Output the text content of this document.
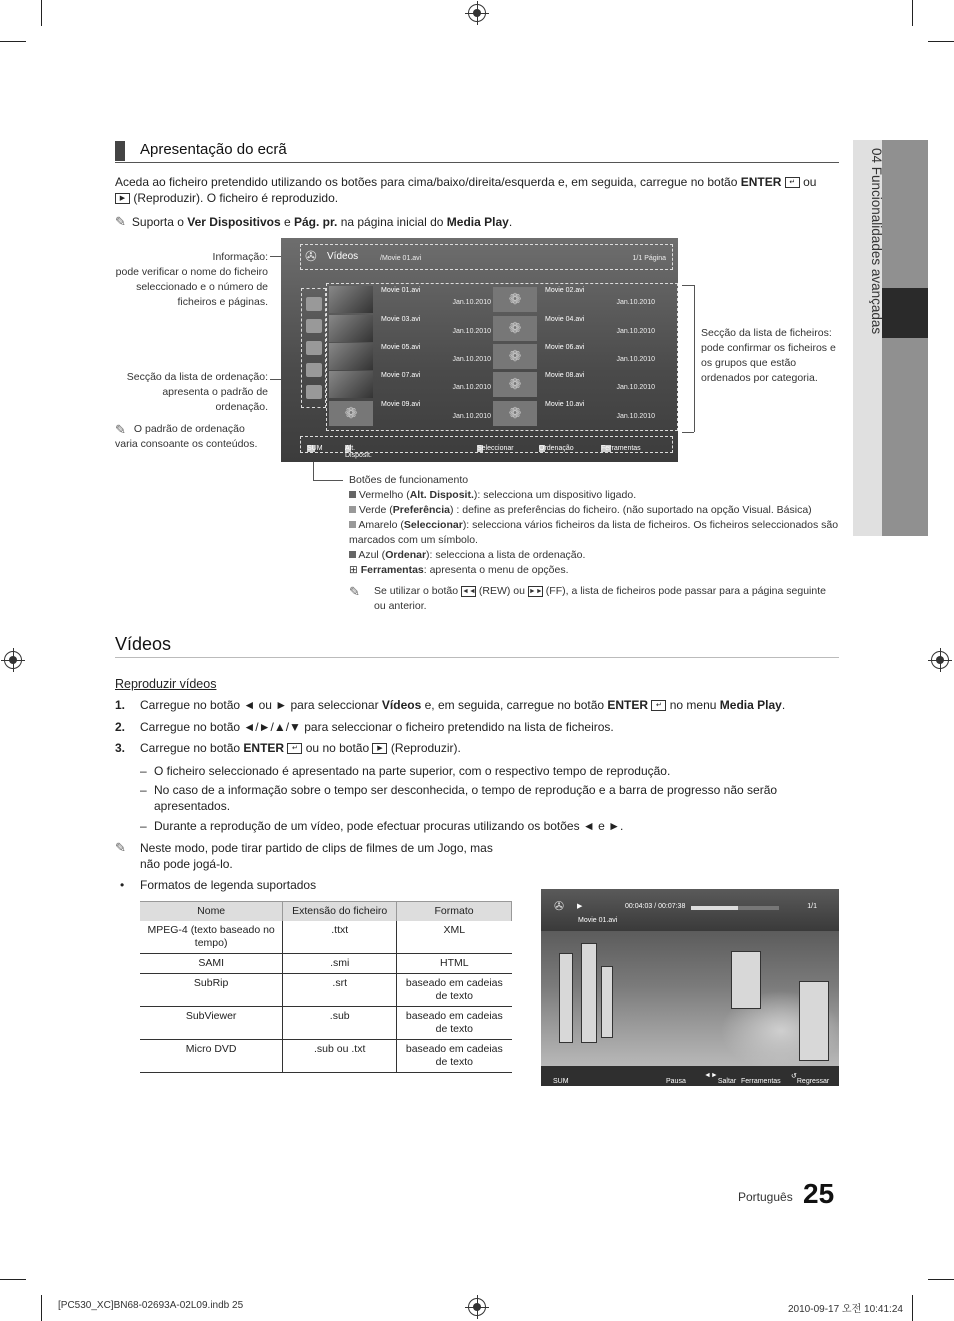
04 Funcionalidades avançadas
Apresentação do ecrã
Aceda ao ficheiro pretendido utilizando os botões para cima/baixo/direita/esquerda e, em seguida, carregue no botão ENTER ↵ ou
▶ (Reproduzir). O ficheiro é reproduzido.
✎ Suporta o Ver Dispositivos e Pág. pr. na página inicial do Media Play.
Informação:
pode verificar o nome do ficheiro seleccionado e o número de ficheiros e páginas.
Secção da lista de ordenação:
apresenta o padrão de ordenação.
✎ O padrão de ordenação varia consoante os conteúdos.
Secção da lista de ficheiros:
pode confirmar os ficheiros e os grupos que estão ordenados por categoria.
✇ Vídeos	/Movie 01.avi	1/1 Página
Movie 01.avi
Jan.10.2010	❁
Movie 02.avi
Jan.10.2010
Movie 03.avi
Jan.10.2010	❁
Movie 04.avi
Jan.10.2010
Movie 05.avi
Jan.10.2010	❁
Movie 06.avi
Jan.10.2010
Movie 07.avi
Jan.10.2010	❁
Movie 08.avi
Jan.10.2010
❁
Movie 09.avi
Jan.10.2010	❁
Movie 10.avi
Jan.10.2010
SUM	Alt. Disposit.
Seleccionar	Ordenação	Ferramentas
Botões de funcionamento
Vermelho (Alt. Disposit.): selecciona um dispositivo ligado.
Verde (Preferência) : define as preferências do ficheiro. (não suportado na opção Visual. Básica)
Amarelo (Seleccionar): selecciona vários ficheiros da lista de ficheiros. Os ficheiros seleccionados são marcados com um símbolo.
Azul (Ordenar): selecciona a lista de ordenação.
⊞ Ferramentas: apresenta o menu de opções.
✎ Se utilizar o botão ◄◄ (REW) ou ►► (FF), a lista de ficheiros pode passar para a página seguinte ou anterior.
Vídeos
Reproduzir vídeos
1. Carregue no botão ◄ ou ► para seleccionar Vídeos e, em seguida, carregue no botão ENTER ↵ no menu Media Play.
2. Carregue no botão ◄/►/▲/▼ para seleccionar o ficheiro pretendido na lista de ficheiros.
3. Carregue no botão ENTER ↵ ou no botão ▶ (Reproduzir).
– O ficheiro seleccionado é apresentado na parte superior, com o respectivo tempo de reprodução.
– No caso de a informação sobre o tempo ser desconhecida, o tempo de reprodução e a barra de progresso não serão apresentados.
– Durante a reprodução de um vídeo, pode efectuar procuras utilizando os botões ◄ e ►.
✎ Neste modo, pode tirar partido de clips de filmes de um Jogo, mas não pode jogá-lo.
• Formatos de legenda suportados
Nome	Extensão do ficheiro	Formato
MPEG-4 (texto baseado no tempo)	.ttxt	XML
SAMI	.smi	HTML
SubRip	.srt	baseado em cadeias de texto
SubViewer	.sub	baseado em cadeias de texto
Micro DVD	.sub ou .txt	baseado em cadeias de texto
✇ ▶	00:04:03 / 00:07:38	1/1
Movie 01.avi
SUM	Pausa
◄►
Saltar Ferramentas
↺
Regressar
Português 25
[PC530_XC]BN68-02693A-02L09.indb 25	2010-09-17 오전 10:41:24
